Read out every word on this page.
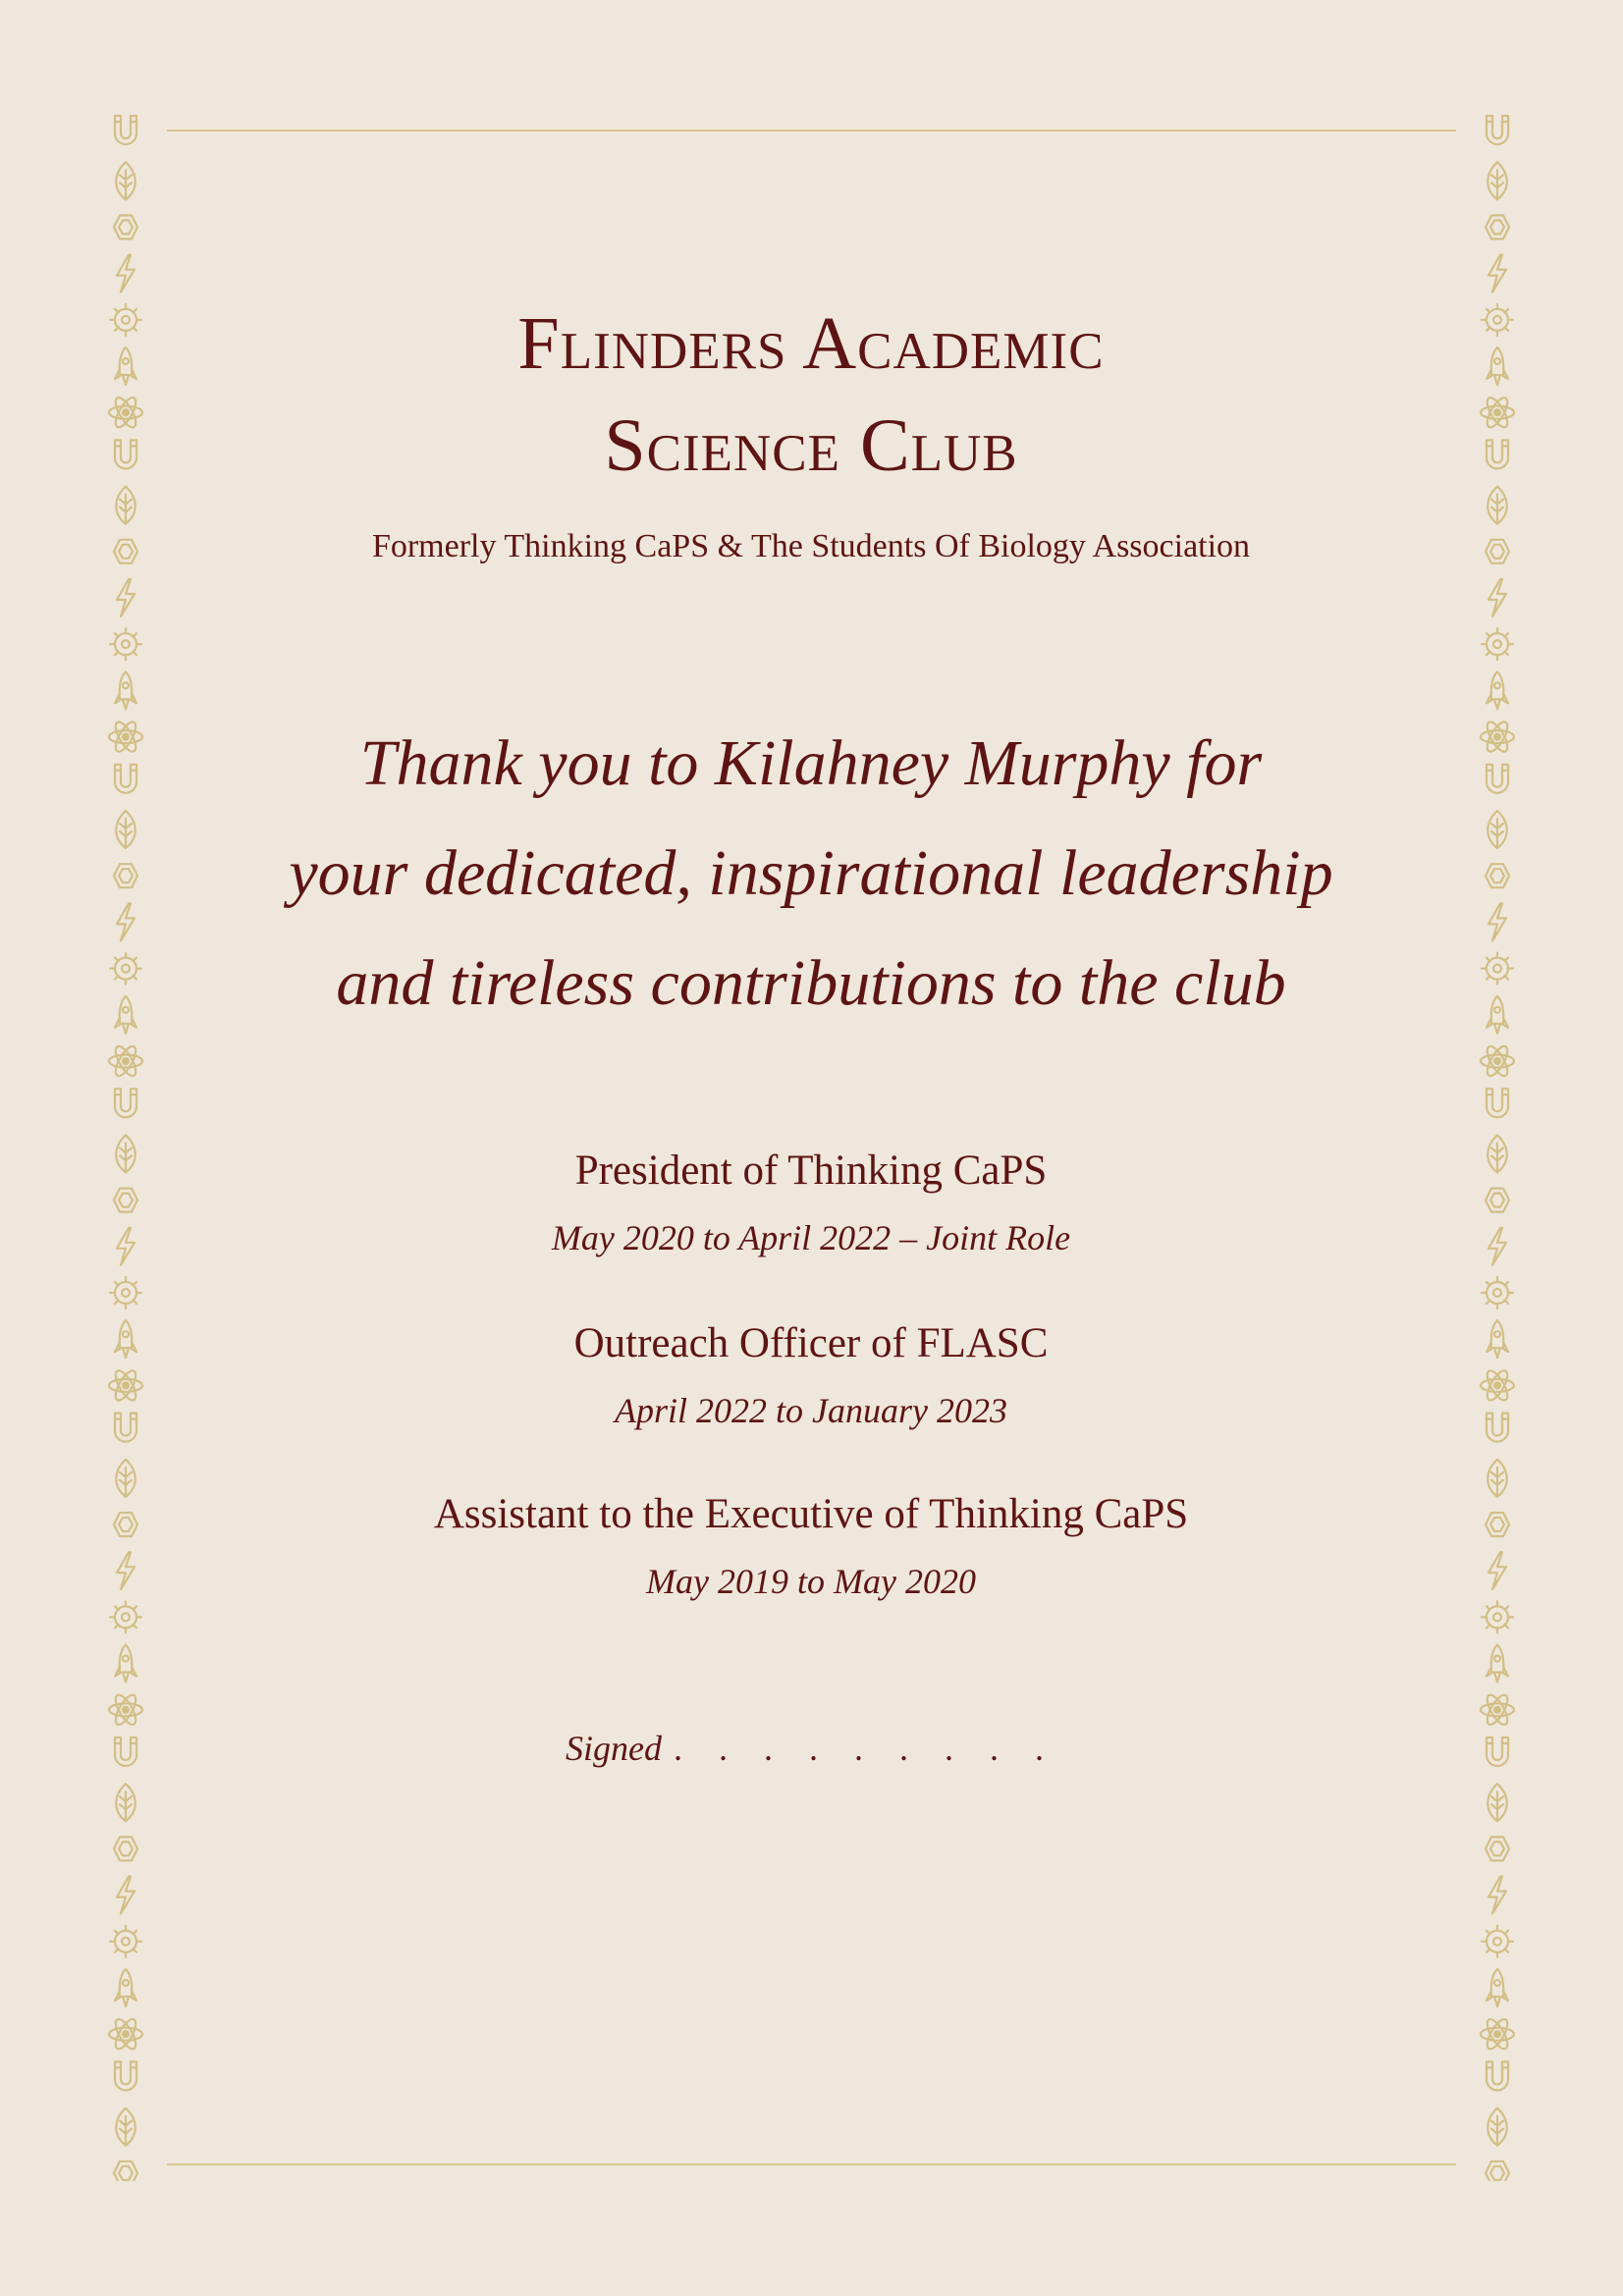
Flinders Academic
Science Club
Formerly Thinking CaPS & The Students Of Biology Association
Thank you to Kilahney Murphy for
your dedicated, inspirational leadership
and tireless contributions to the club
President of Thinking CaPS
May 2020 to April 2022 – Joint Role
Outreach Officer of FLASC
April 2022 to January 2023
Assistant to the Executive of Thinking CaPS
May 2019 to May 2020
Signed . . . . . . . . .
